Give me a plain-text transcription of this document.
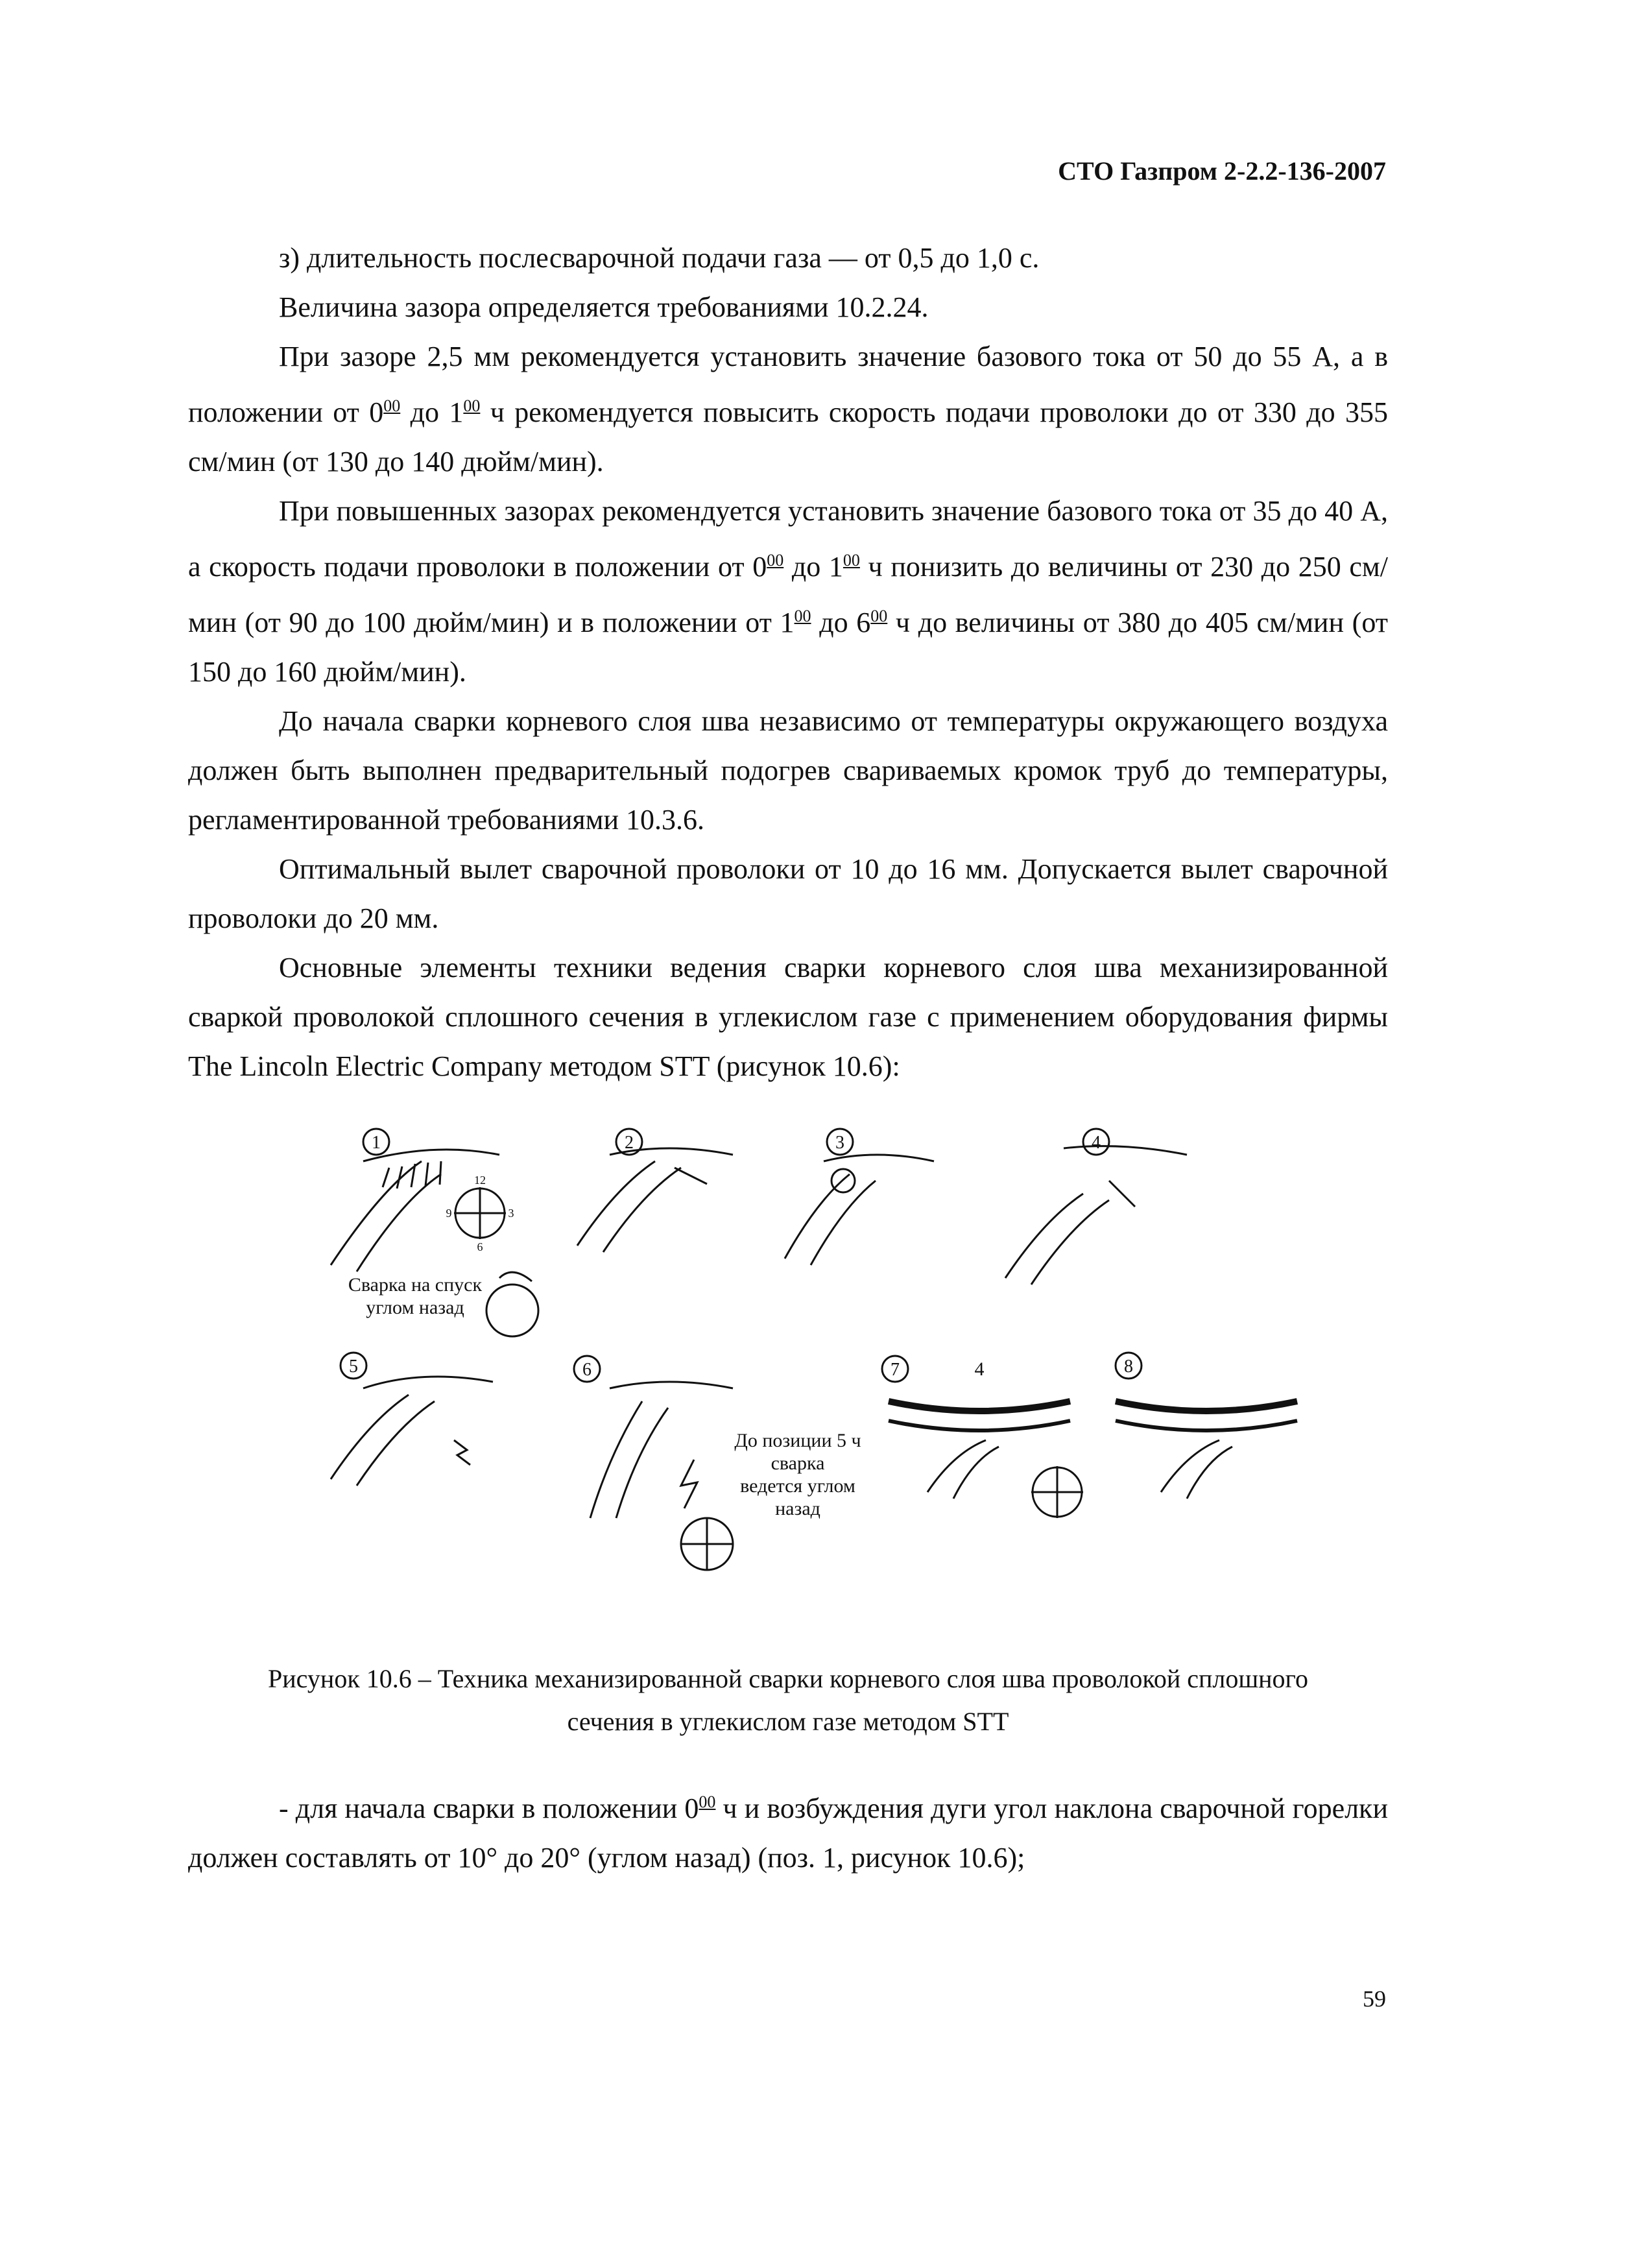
СТО Газпром 2-2.2-136-2007

з) длительность послесварочной подачи газа — от 0,5 до 1,0 с.

Величина зазора определяется требованиями 10.2.24.

При зазоре 2,5 мм рекомендуется установить значение базового тока от 50 до 55 А, а в положении от $0^{00}$ до $1^{00}$ ч рекомендуется повысить скорость подачи проволоки до от 330 до 355 см/мин (от 130 до 140 дюйм/мин).

При повышенных зазорах рекомендуется установить значение базового тока от 35 до 40 А, а скорость подачи проволоки в положении от $0^{00}$ до $1^{00}$ ч понизить до величины от 230 до 250 см/мин (от 90 до 100 дюйм/мин) и в положении от $1^{00}$ до $6^{00}$ ч до величины от 380 до 405 см/мин (от 150 до 160 дюйм/мин).

До начала сварки корневого слоя шва независимо от температуры окружающего воздуха должен быть выполнен предварительный подогрев свариваемых кромок труб до температуры, регламентированной требованиями 10.3.6.

Оптимальный вылет сварочной проволоки от 10 до 16 мм. Допускается вылет сварочной проволоки до 20 мм.

Основные элементы техники ведения сварки корневого слоя шва механизированной сваркой проволокой сплошного сечения в углекислом газе с применением оборудования фирмы The Lincoln Electric Company методом STT (рисунок 10.6):

1	2	3	4
5	6	7	8
12
9	3
6
Сварка на спуск
углом назад
До позиции 5 ч
сварка
ведется углом
назад
4
Рисунок 10.6 – Техника механизированной сварки корневого слоя шва проволокой сплошного
сечения в углекислом газе методом STT

- для начала сварки в положении $0^{00}$ ч и возбуждения дуги угол наклона сварочной горелки должен составлять от 10° до 20° (углом назад) (поз. 1, рисунок 10.6);

59
